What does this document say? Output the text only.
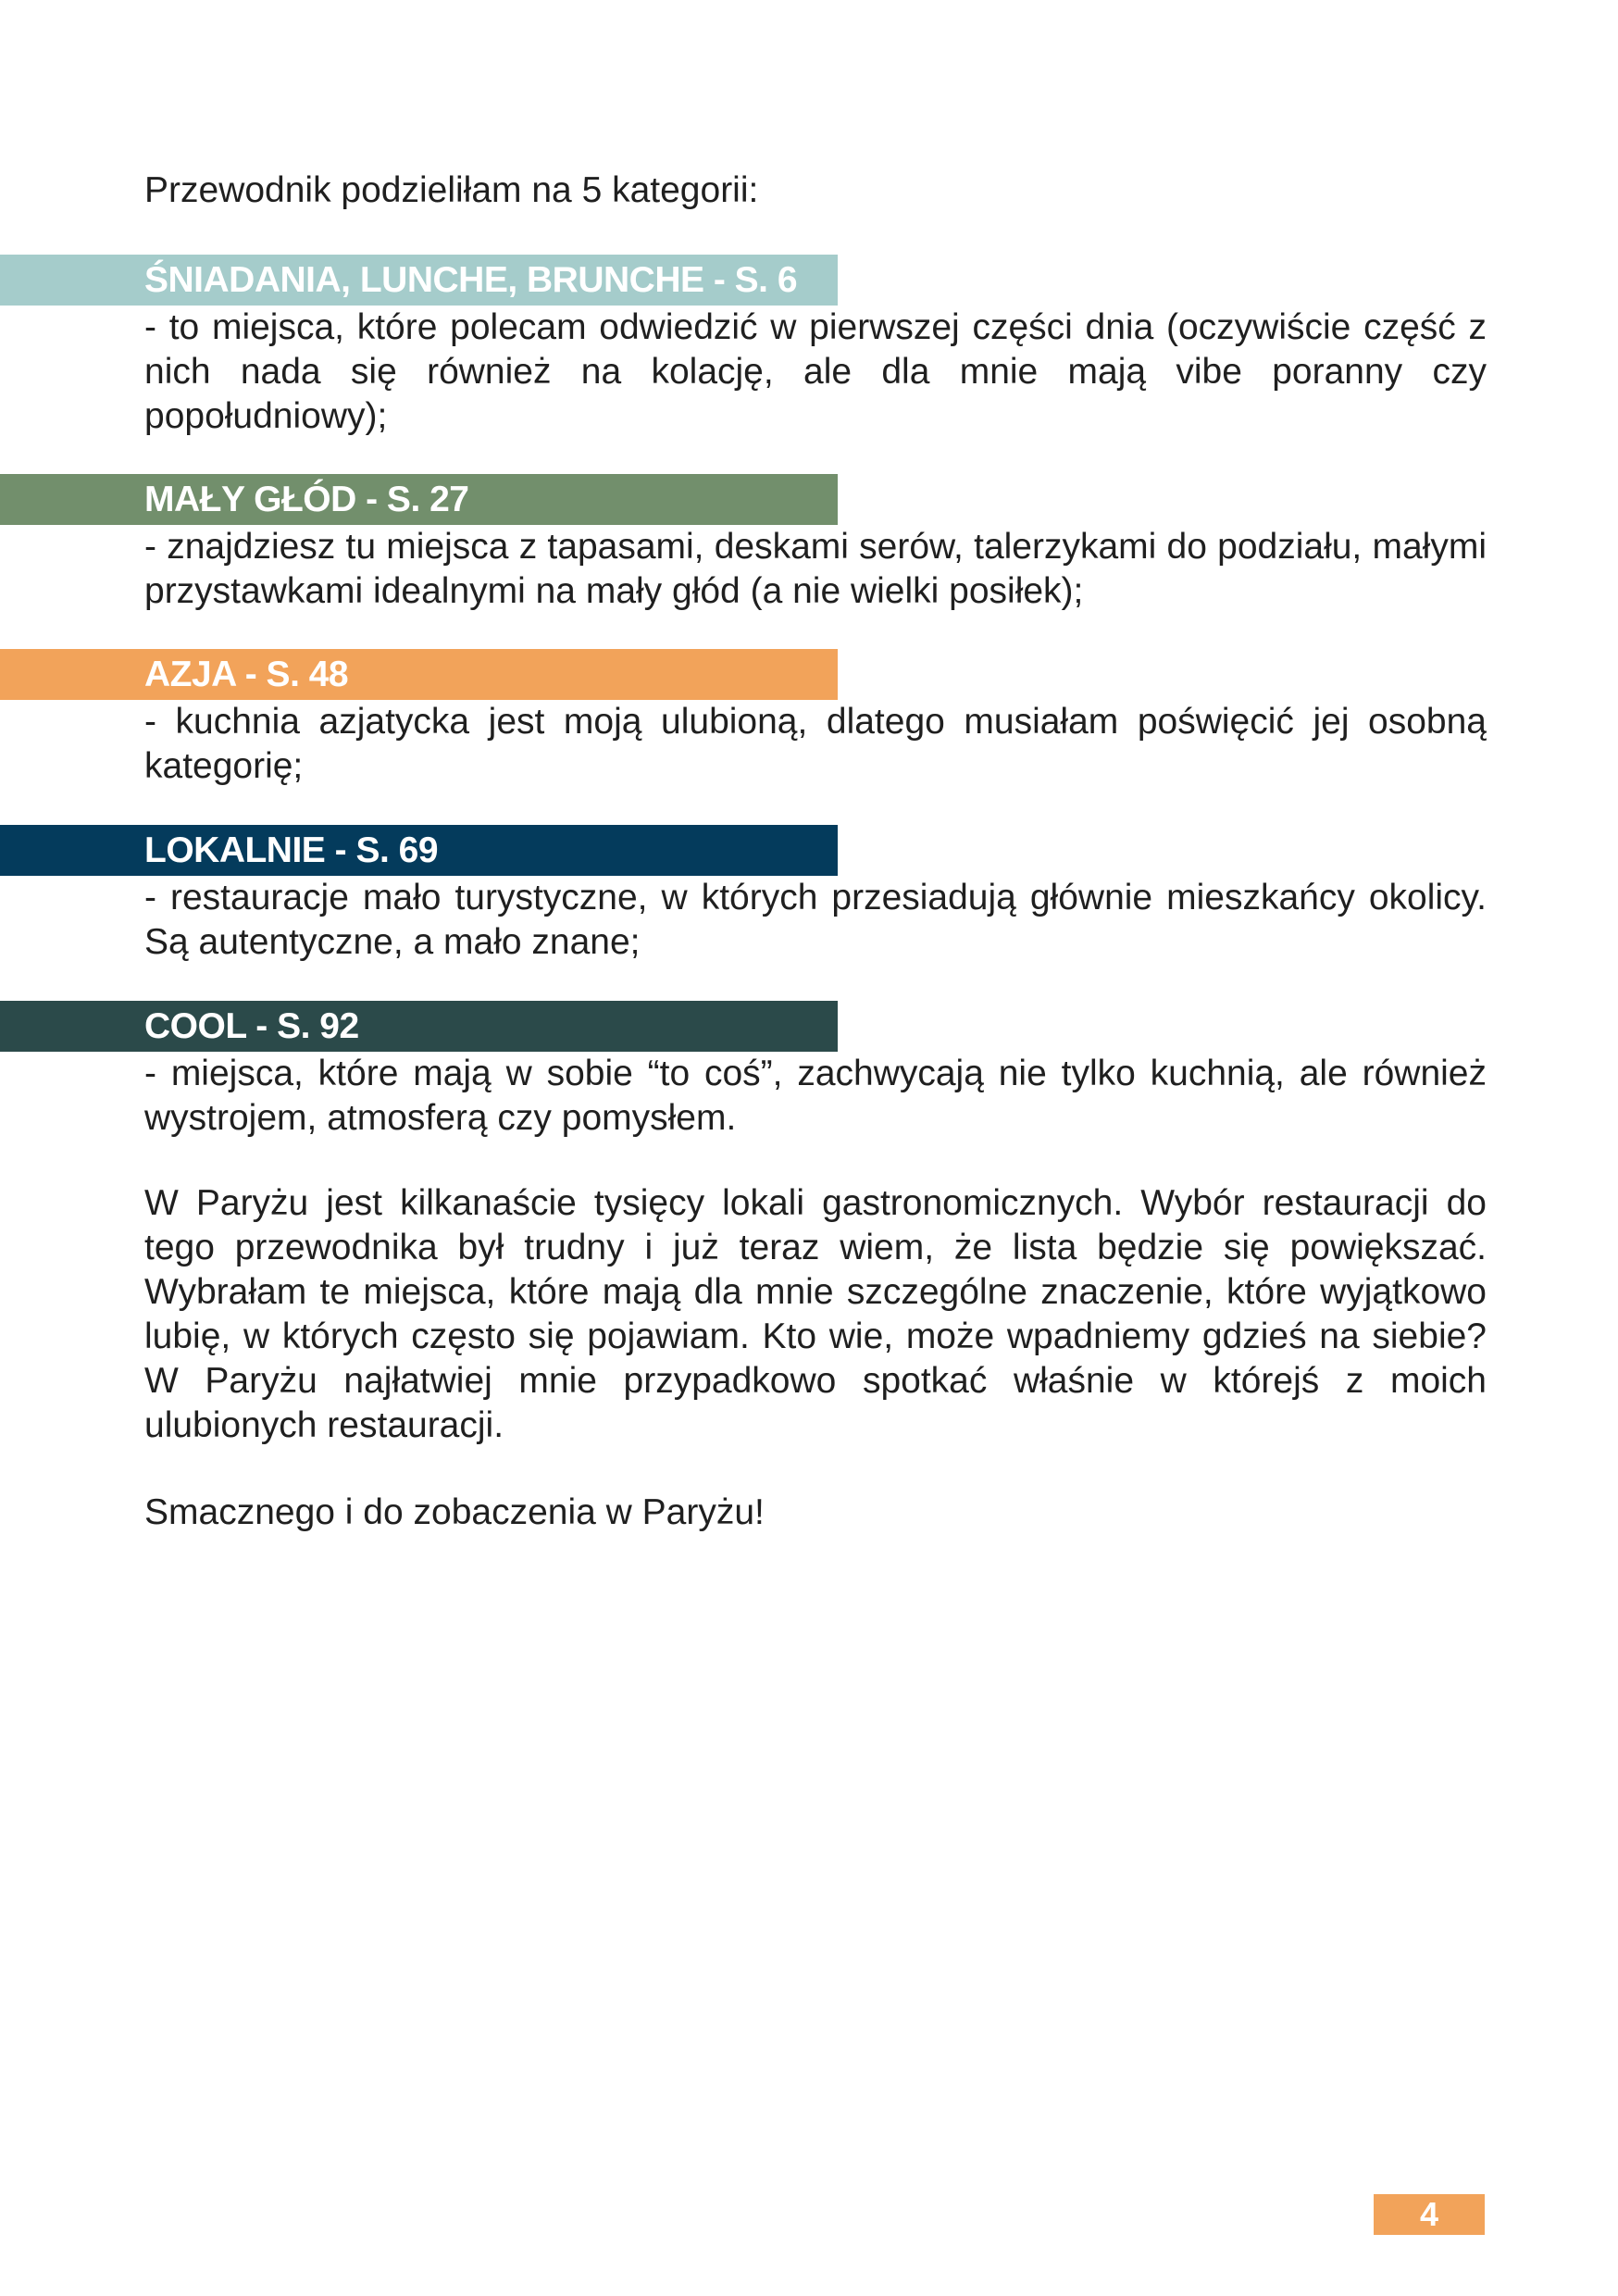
Przewodnik podzieliłam na 5 kategorii:

ŚNIADANIA, LUNCHE, BRUNCHE - S. 6

- to miejsca, które polecam odwiedzić w pierwszej części dnia (oczywiście część z nich nada się również na kolację, ale dla mnie mają vibe poranny czy popołudniowy);

MAŁY GŁÓD - S. 27

- znajdziesz tu miejsca z tapasami, deskami serów, talerzykami do podziału, małymi przystawkami idealnymi na mały głód (a nie wielki posiłek);

AZJA - S. 48

- kuchnia azjatycka jest moją ulubioną, dlatego musiałam poświęcić jej osobną kategorię;

LOKALNIE - S. 69

- restauracje mało turystyczne, w których przesiadują głównie mieszkańcy okolicy. Są autentyczne, a mało znane;

COOL - S. 92

- miejsca, które mają w sobie “to coś”, zachwycają nie tylko kuchnią, ale również wystrojem, atmosferą czy pomysłem.

W Paryżu jest kilkanaście tysięcy lokali gastronomicznych. Wybór restauracji do tego przewodnika był trudny i już teraz wiem, że lista będzie się powiększać. Wybrałam te miejsca, które mają dla mnie szczególne znaczenie, które wyjątkowo lubię, w których często się pojawiam. Kto wie, może wpadniemy gdzieś na siebie? W Paryżu najłatwiej mnie przypadkowo spotkać właśnie w którejś z moich ulubionych restauracji.

Smacznego i do zobaczenia w Paryżu!

4
